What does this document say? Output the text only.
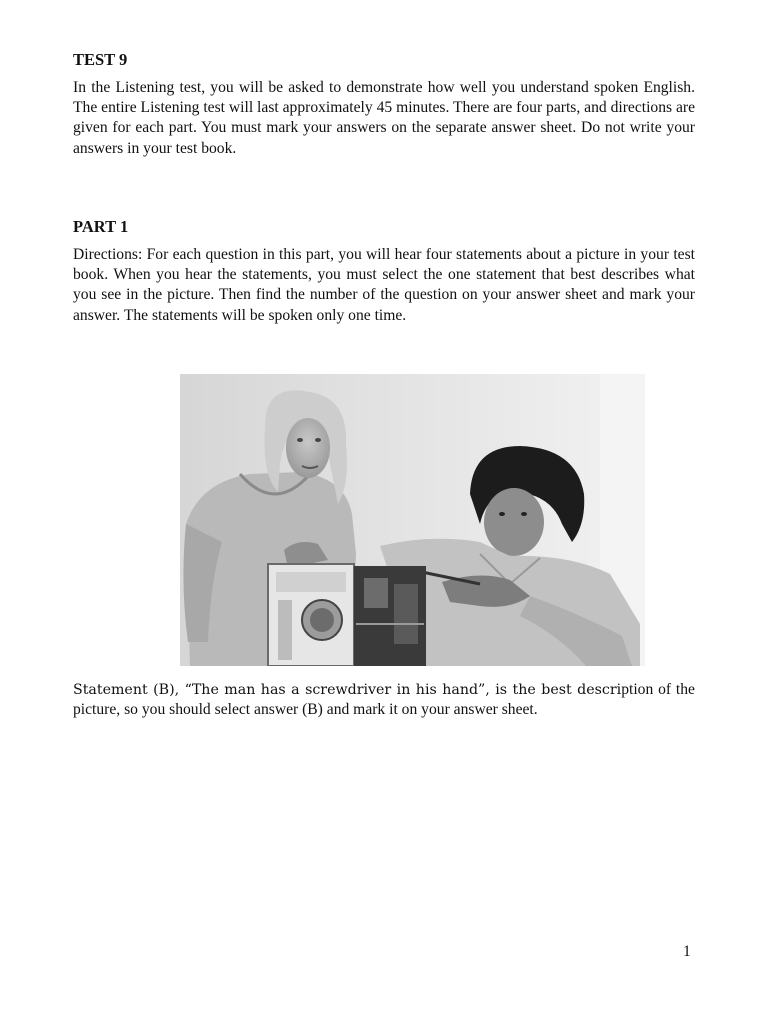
TEST 9

In the Listening test, you will be asked to demonstrate how well you understand spoken English. The entire Listening test will last approximately 45 minutes. There are four parts, and directions are given for each part. You must mark your answers on the separate answer sheet. Do not write your answers in your test book.

PART 1

Directions: For each question in this part, you will hear four statements about a picture in your test book. When you hear the statements, you must select the one statement that best describes what you see in the picture. Then find the number of the question on your answer sheet and mark your answer. The statements will be spoken only one time.

Statement (B), “The man has a screwdriver in his hand”, is the best description of the picture, so you should select answer (B) and mark it on your answer sheet.

1
